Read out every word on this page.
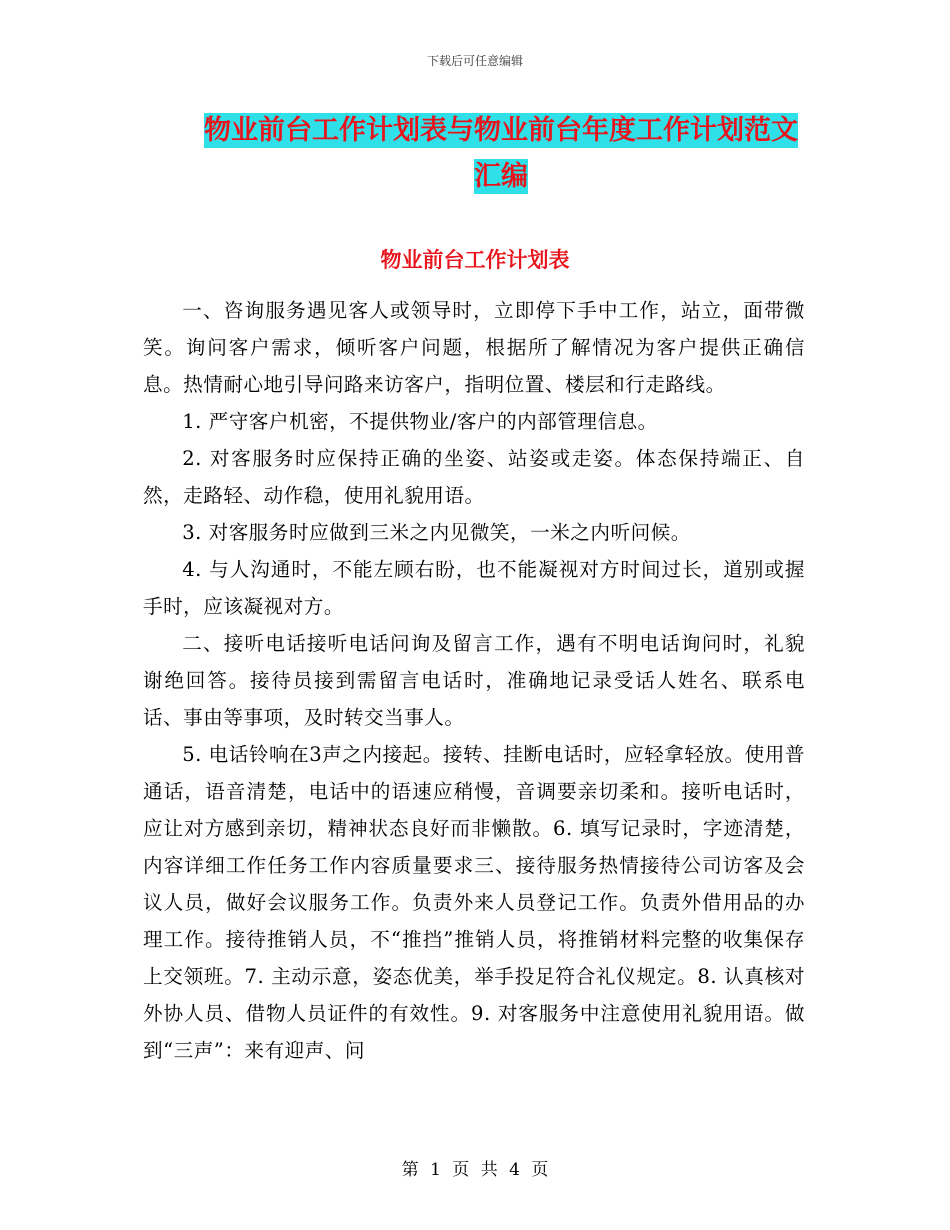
下载后可任意编辑
物业前台工作计划表与物业前台年度工作计划范文汇编
物业前台工作计划表

一、咨询服务遇见客人或领导时，立即停下手中工作，站立，面带微笑。询问客户需求，倾听客户问题，根据所了解情况为客户提供正确信息。热情耐心地引导问路来访客户，指明位置、楼层和行走路线。

1. 严守客户机密，不提供物业/客户的内部管理信息。

2. 对客服务时应保持正确的坐姿、站姿或走姿。体态保持端正、自然，走路轻、动作稳，使用礼貌用语。

3. 对客服务时应做到三米之内见微笑，一米之内听问候。

4. 与人沟通时，不能左顾右盼，也不能凝视对方时间过长，道别或握手时，应该凝视对方。

二、接听电话接听电话问询及留言工作，遇有不明电话询问时，礼貌谢绝回答。接待员接到需留言电话时，准确地记录受话人姓名、联系电话、事由等事项，及时转交当事人。

5. 电话铃响在3声之内接起。接转、挂断电话时，应轻拿轻放。使用普通话，语音清楚，电话中的语速应稍慢，音调要亲切柔和。接听电话时，应让对方感到亲切，精神状态良好而非懒散。6. 填写记录时，字迹清楚，内容详细工作任务工作内容质量要求三、接待服务热情接待公司访客及会议人员，做好会议服务工作。负责外来人员登记工作。负责外借用品的办理工作。接待推销人员，不“推挡”推销人员，将推销材料完整的收集保存上交领班。7. 主动示意，姿态优美，举手投足符合礼仪规定。8. 认真核对外协人员、借物人员证件的有效性。9. 对客服务中注意使用礼貌用语。做到“三声”：来有迎声、问

第 1 页 共 4 页
